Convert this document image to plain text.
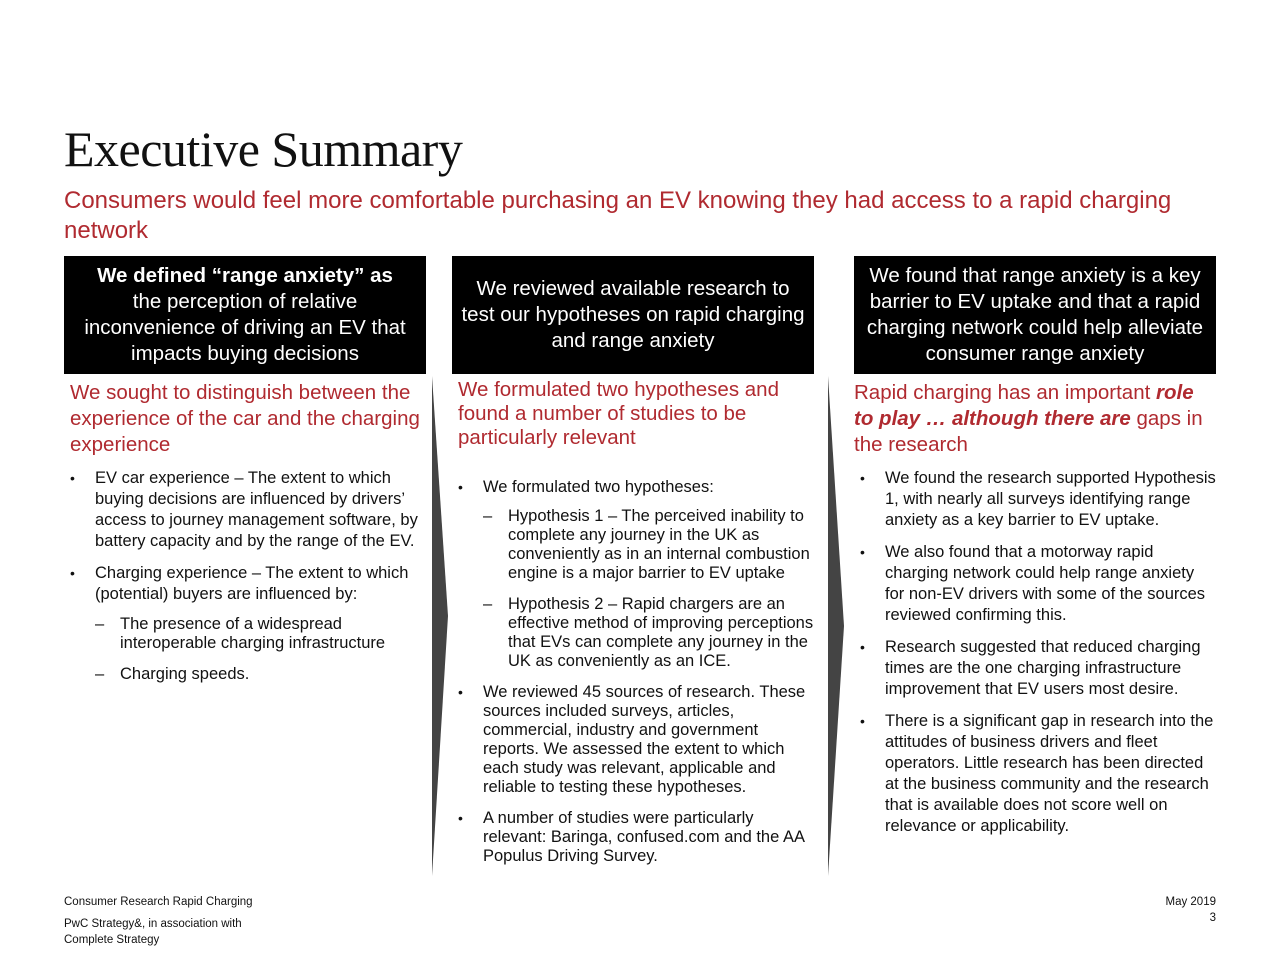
Executive Summary
Consumers would feel more comfortable purchasing an EV knowing they had access to a rapid charging network
We defined “range anxiety” as
the perception of relative inconvenience of driving an EV that impacts buying decisions
We sought to distinguish between the experience of the car and the charging experience
• EV car experience – The extent to which buying decisions are influenced by drivers’ access to journey management software, by battery capacity and by the range of the EV.
• Charging experience – The extent to which (potential) buyers are influenced by:
– The presence of a widespread interoperable charging infrastructure
– Charging speeds.
We reviewed available research to test our hypotheses on rapid charging and range anxiety
We formulated two hypotheses and found a number of studies to be particularly relevant
• We formulated two hypotheses:
– Hypothesis 1 – The perceived inability to complete any journey in the UK as conveniently as in an internal combustion engine is a major barrier to EV uptake
– Hypothesis 2 – Rapid chargers are an effective method of improving perceptions that EVs can complete any journey in the UK as conveniently as an ICE.
• We reviewed 45 sources of research. These sources included surveys, articles, commercial, industry and government reports. We assessed the extent to which each study was relevant, applicable and reliable to testing these hypotheses.
• A number of studies were particularly relevant: Baringa, confused.com and the AA Populus Driving Survey.
We found that range anxiety is a key barrier to EV uptake and that a rapid charging network could help alleviate consumer range anxiety
Rapid charging has an important role to play … although there are gaps in the research
• We found the research supported Hypothesis 1, with nearly all surveys identifying range anxiety as a key barrier to EV uptake.
• We also found that a motorway rapid charging network could help range anxiety for non-EV drivers with some of the sources reviewed confirming this.
• Research suggested that reduced charging times are the one charging infrastructure improvement that EV users most desire.
• There is a significant gap in research into the attitudes of business drivers and fleet operators. Little research has been directed at the business community and the research that is available does not score well on relevance or applicability.
Consumer Research Rapid Charging
PwC Strategy&, in association with
Complete Strategy
May 2019
3
